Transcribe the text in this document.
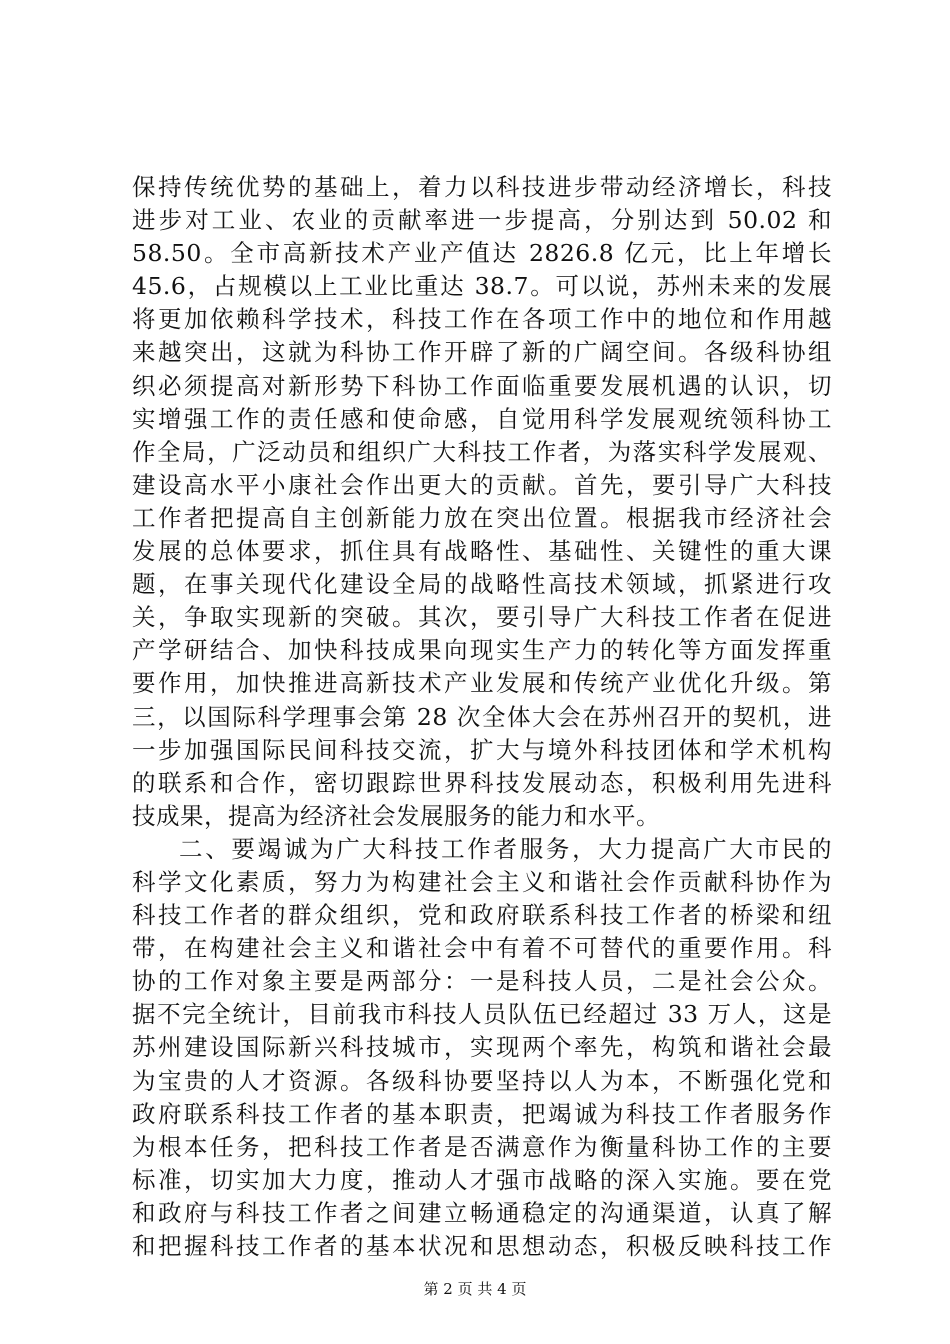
保持传统优势的基础上，着力以科技进步带动经济增长，科技
进步对工业、农业的贡献率进一步提高，分别达到 50.02 和
58.50。全市高新技术产业产值达 2826.8 亿元，比上年增长
45.6，占规模以上工业比重达 38.7。可以说，苏州未来的发展
将更加依赖科学技术，科技工作在各项工作中的地位和作用越
来越突出，这就为科协工作开辟了新的广阔空间。各级科协组
织必须提高对新形势下科协工作面临重要发展机遇的认识，切
实增强工作的责任感和使命感，自觉用科学发展观统领科协工
作全局，广泛动员和组织广大科技工作者，为落实科学发展观、
建设高水平小康社会作出更大的贡献。首先，要引导广大科技
工作者把提高自主创新能力放在突出位置。根据我市经济社会
发展的总体要求，抓住具有战略性、基础性、关键性的重大课
题，在事关现代化建设全局的战略性高技术领域，抓紧进行攻
关，争取实现新的突破。其次，要引导广大科技工作者在促进
产学研结合、加快科技成果向现实生产力的转化等方面发挥重
要作用，加快推进高新技术产业发展和传统产业优化升级。第
三，以国际科学理事会第 28 次全体大会在苏州召开的契机，进
一步加强国际民间科技交流，扩大与境外科技团体和学术机构
的联系和合作，密切跟踪世界科技发展动态，积极利用先进科
技成果，提高为经济社会发展服务的能力和水平。
二、要竭诚为广大科技工作者服务，大力提高广大市民的
科学文化素质，努力为构建社会主义和谐社会作贡献科协作为
科技工作者的群众组织，党和政府联系科技工作者的桥梁和纽
带，在构建社会主义和谐社会中有着不可替代的重要作用。科
协的工作对象主要是两部分：一是科技人员，二是社会公众。
据不完全统计，目前我市科技人员队伍已经超过 33 万人，这是
苏州建设国际新兴科技城市，实现两个率先，构筑和谐社会最
为宝贵的人才资源。各级科协要坚持以人为本，不断强化党和
政府联系科技工作者的基本职责，把竭诚为科技工作者服务作
为根本任务，把科技工作者是否满意作为衡量科协工作的主要
标准，切实加大力度，推动人才强市战略的深入实施。要在党
和政府与科技工作者之间建立畅通稳定的沟通渠道，认真了解
和把握科技工作者的基本状况和思想动态，积极反映科技工作
第 2 页 共 4 页
